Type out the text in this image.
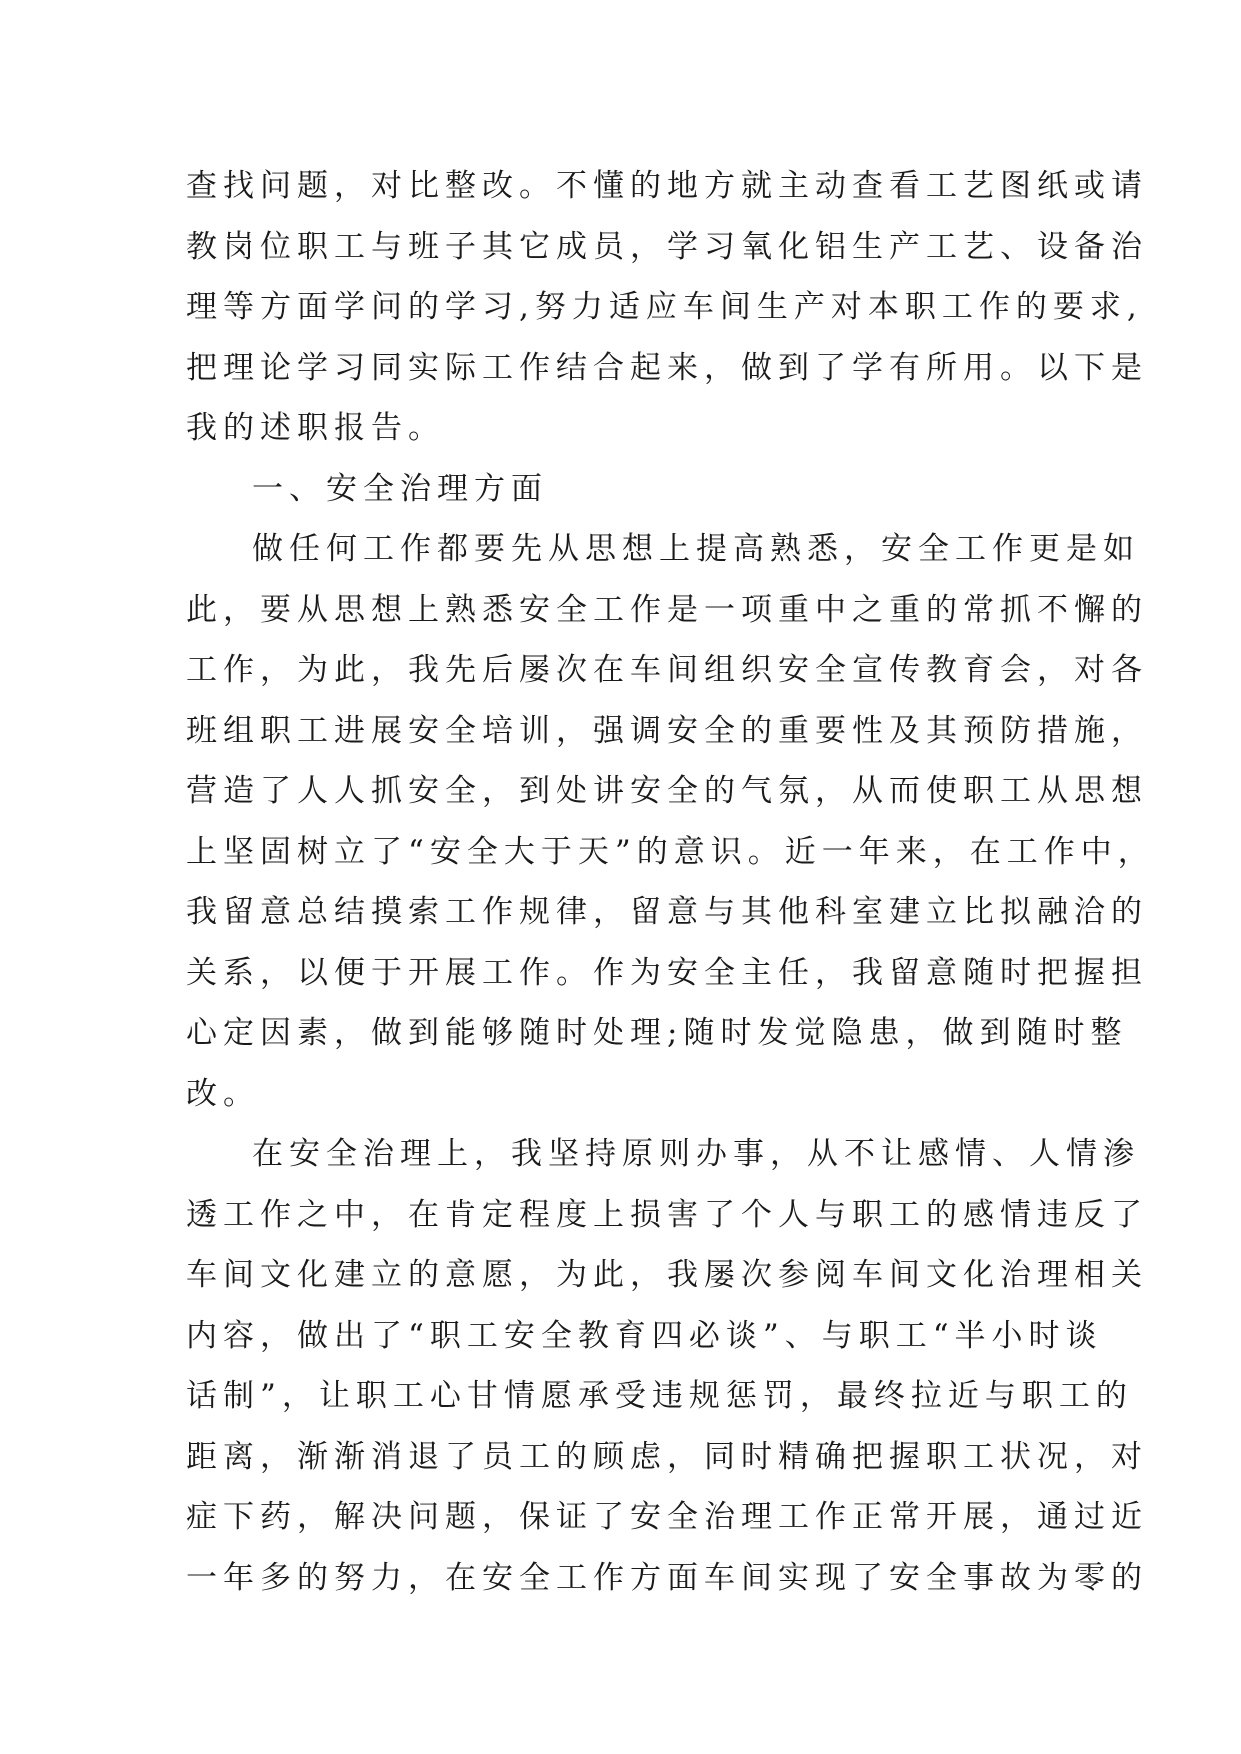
查找问题，对比整改。不懂的地方就主动查看工艺图纸或请
教岗位职工与班子其它成员，学习氧化铝生产工艺、设备治
理等方面学问的学习,努力适应车间生产对本职工作的要求,
把理论学习同实际工作结合起来，做到了学有所用。以下是
我的述职报告。
一、安全治理方面
做任何工作都要先从思想上提高熟悉，安全工作更是如
此，要从思想上熟悉安全工作是一项重中之重的常抓不懈的
工作，为此，我先后屡次在车间组织安全宣传教育会，对各
班组职工进展安全培训，强调安全的重要性及其预防措施，
营造了人人抓安全，到处讲安全的气氛，从而使职工从思想
上坚固树立了“安全大于天”的意识。近一年来，在工作中，
我留意总结摸索工作规律，留意与其他科室建立比拟融洽的
关系，以便于开展工作。作为安全主任，我留意随时把握担
心定因素，做到能够随时处理;随时发觉隐患，做到随时整
改。
在安全治理上，我坚持原则办事，从不让感情、人情渗
透工作之中，在肯定程度上损害了个人与职工的感情违反了
车间文化建立的意愿，为此，我屡次参阅车间文化治理相关
内容，做出了“职工安全教育四必谈”、与职工“半小时谈
话制”，让职工心甘情愿承受违规惩罚，最终拉近与职工的
距离，渐渐消退了员工的顾虑，同时精确把握职工状况，对
症下药，解决问题，保证了安全治理工作正常开展，通过近
一年多的努力，在安全工作方面车间实现了安全事故为零的
